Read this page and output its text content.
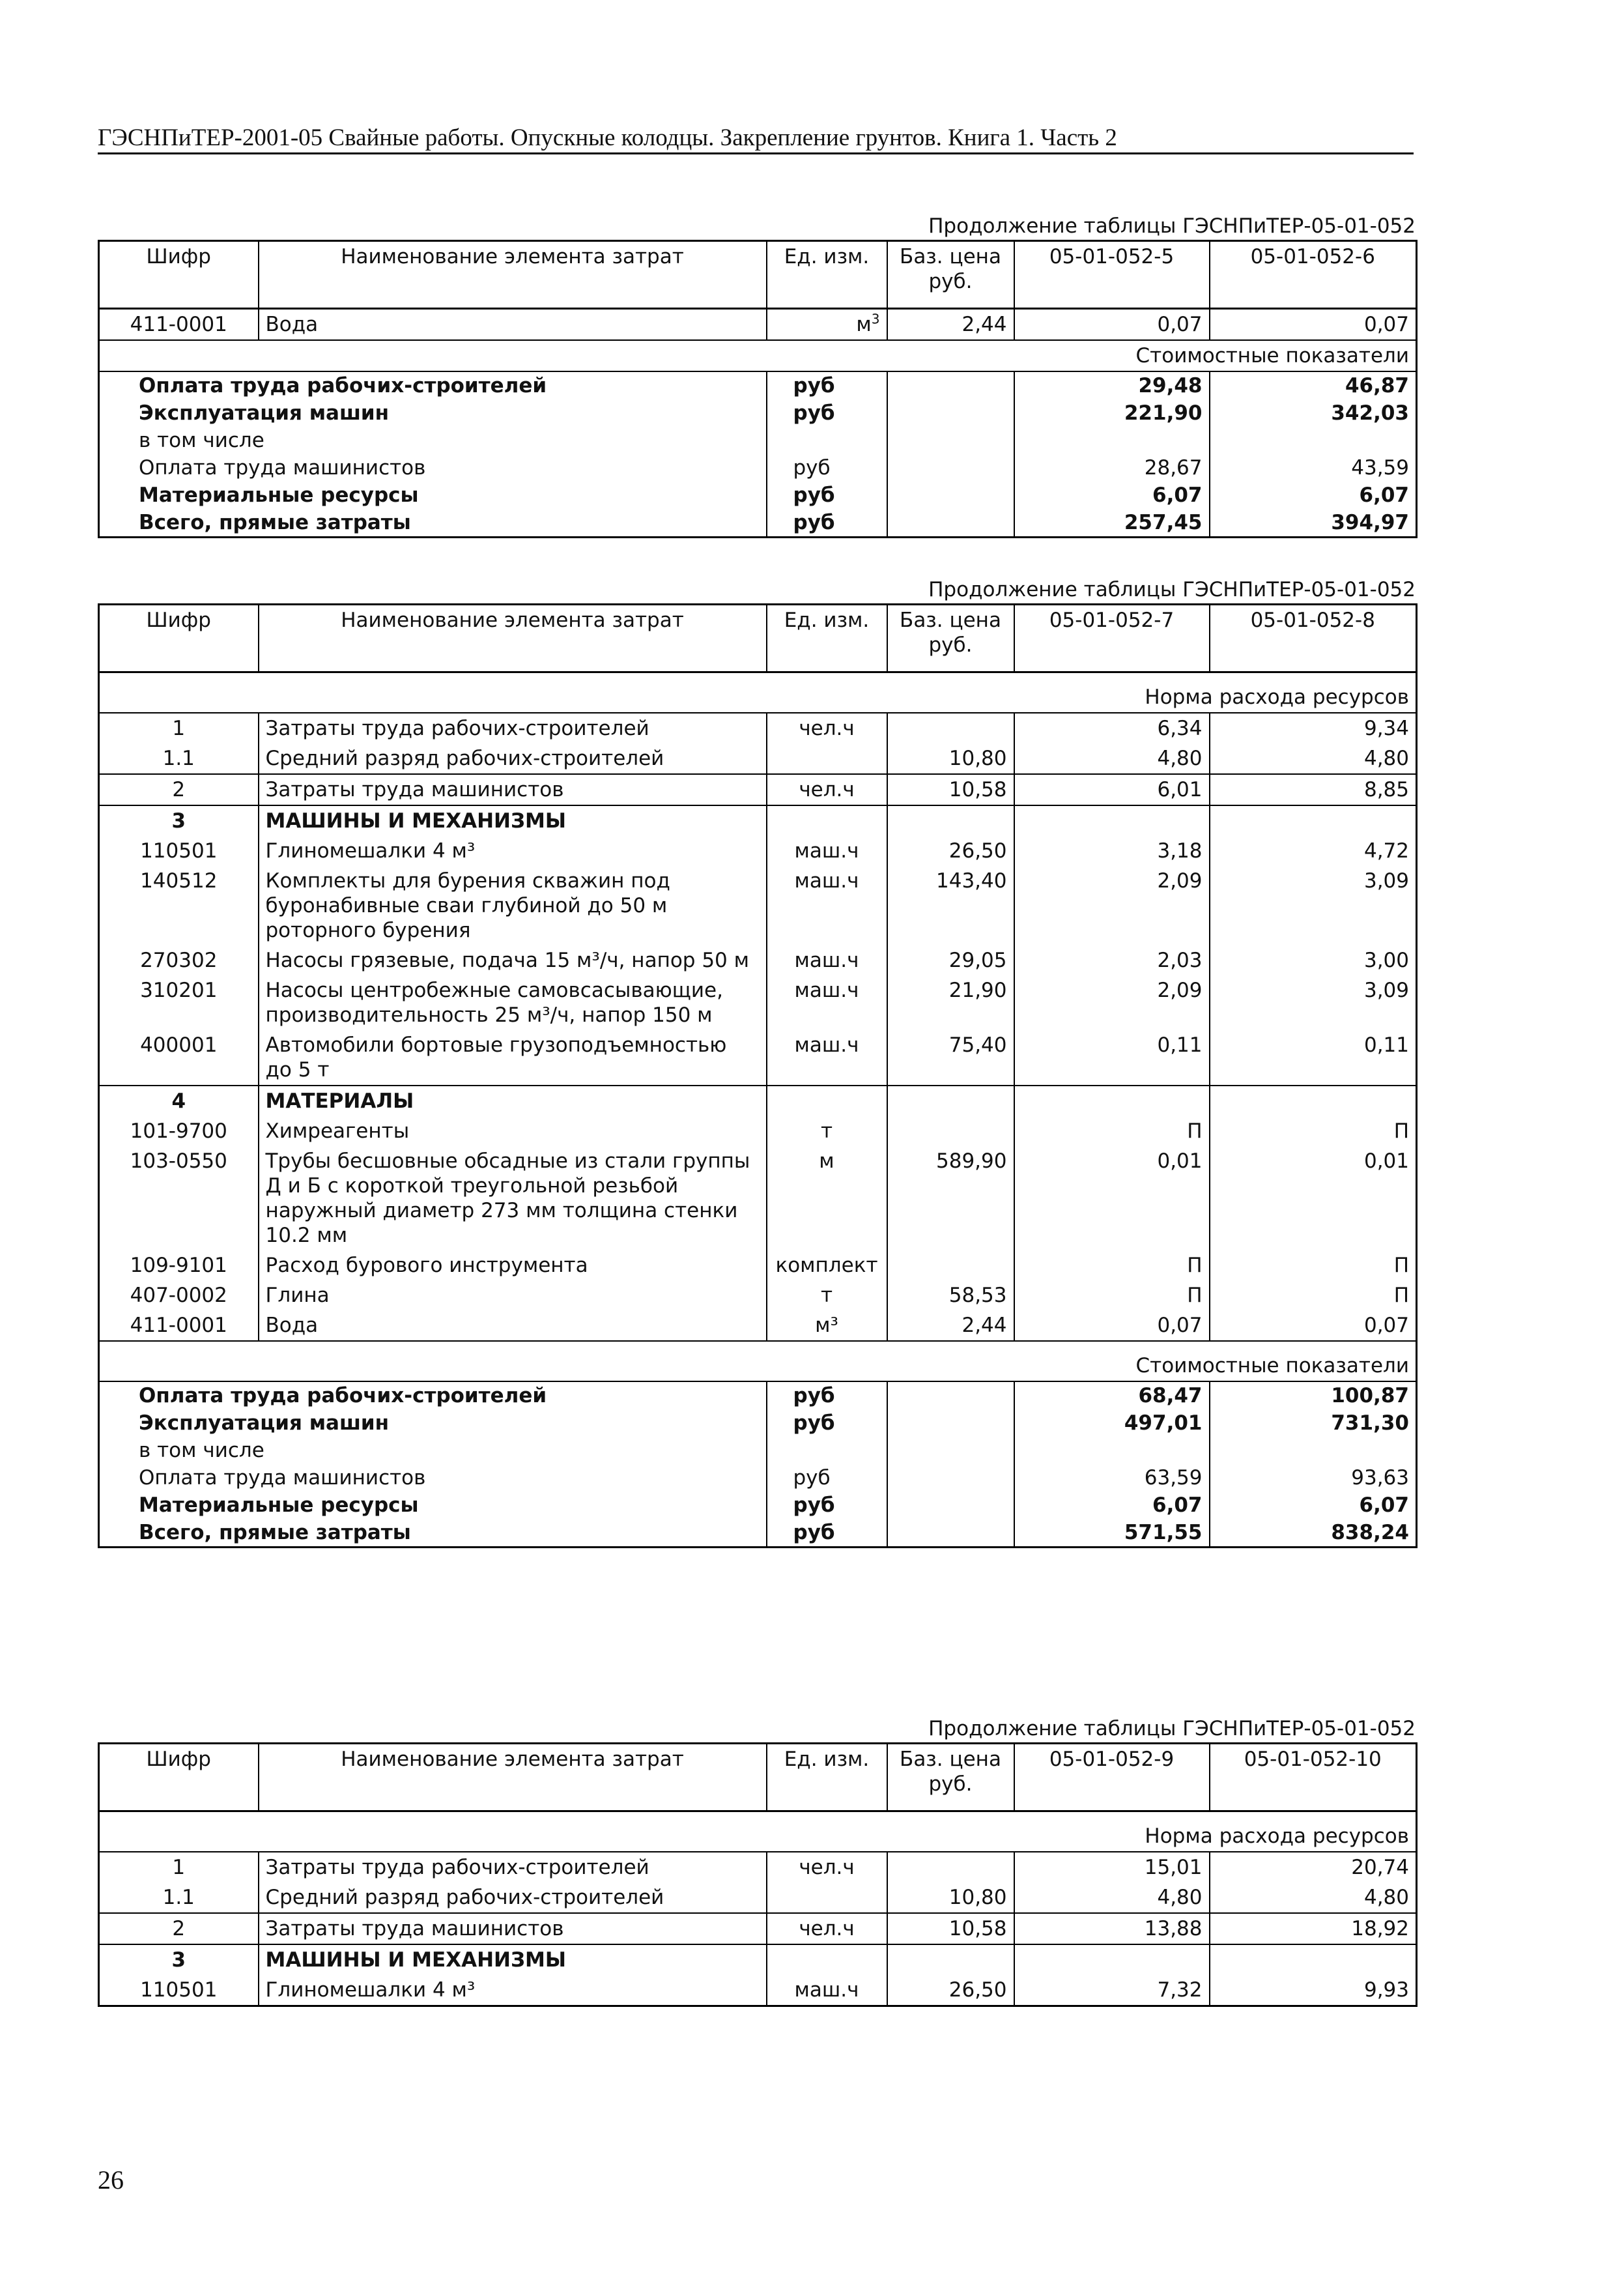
ГЭСНПиТЕР-2001-05 Свайные работы. Опускные колодцы. Закрепление грунтов. Книга 1. Часть 2
Продолжение таблицы ГЭСНПиТЕР-05-01-052
Шифр	Наименование элемента затрат	Ед. изм.	Баз. цена руб.	05-01-052-5	05-01-052-6
411-0001	Вода	$м^3$	2,44	0,07	0,07
Стоимостные показатели					
Оплата труда рабочих-строителей		руб		29,48	46,87
Эксплуатация машин		руб		221,90	342,03
в том числе					
Оплата труда машинистов		руб		28,67	43,59
Материальные ресурсы		руб		6,07	6,07
Всего, прямые затраты		руб		257,45	394,97
Продолжение таблицы ГЭСНПиТЕР-05-01-052
Шифр	Наименование элемента затрат	Ед. изм.	Баз. цена руб.	05-01-052-7	05-01-052-8
Норма расхода ресурсов					
1	Затраты труда рабочих-строителей	чел.ч		6,34	9,34
1.1	Средний разряд рабочих-строителей		10,80	4,80	4,80
2	Затраты труда машинистов	чел.ч	10,58	6,01	8,85
3	МАШИНЫ И МЕХАНИЗМЫ				
110501	Глиномешалки 4 м³	маш.ч	26,50	3,18	4,72
140512	Комплекты для бурения скважин под буронабивные сваи глубиной до 50 м роторного бурения	маш.ч	143,40	2,09	3,09
270302	Насосы грязевые, подача 15 м³/ч, напор 50 м	маш.ч	29,05	2,03	3,00
310201	Насосы центробежные самовсасывающие, производительность 25 м³/ч, напор 150 м	маш.ч	21,90	2,09	3,09
400001	Автомобили бортовые грузоподъемностью до 5 т	маш.ч	75,40	0,11	0,11
4	МАТЕРИАЛЫ				
101-9700	Химреагенты	т		П	П
103-0550	Трубы бесшовные обсадные из стали группы Д и Б с короткой треугольной резьбой наружный диаметр 273 мм толщина стенки 10.2 мм	м	589,90	0,01	0,01
109-9101	Расход бурового инструмента	комплект		П	П
407-0002	Глина	т	58,53	П	П
411-0001	Вода	м³	2,44	0,07	0,07
Стоимостные показатели					
Оплата труда рабочих-строителей		руб		68,47	100,87
Эксплуатация машин		руб		497,01	731,30
в том числе					
Оплата труда машинистов		руб		63,59	93,63
Материальные ресурсы		руб		6,07	6,07
Всего, прямые затраты		руб		571,55	838,24
Продолжение таблицы ГЭСНПиТЕР-05-01-052
Шифр	Наименование элемента затрат	Ед. изм.	Баз. цена руб.	05-01-052-9	05-01-052-10
Норма расхода ресурсов					
1	Затраты труда рабочих-строителей	чел.ч		15,01	20,74
1.1	Средний разряд рабочих-строителей		10,80	4,80	4,80
2	Затраты труда машинистов	чел.ч	10,58	13,88	18,92
3	МАШИНЫ И МЕХАНИЗМЫ				
110501	Глиномешалки 4 м³	маш.ч	26,50	7,32	9,93
26
